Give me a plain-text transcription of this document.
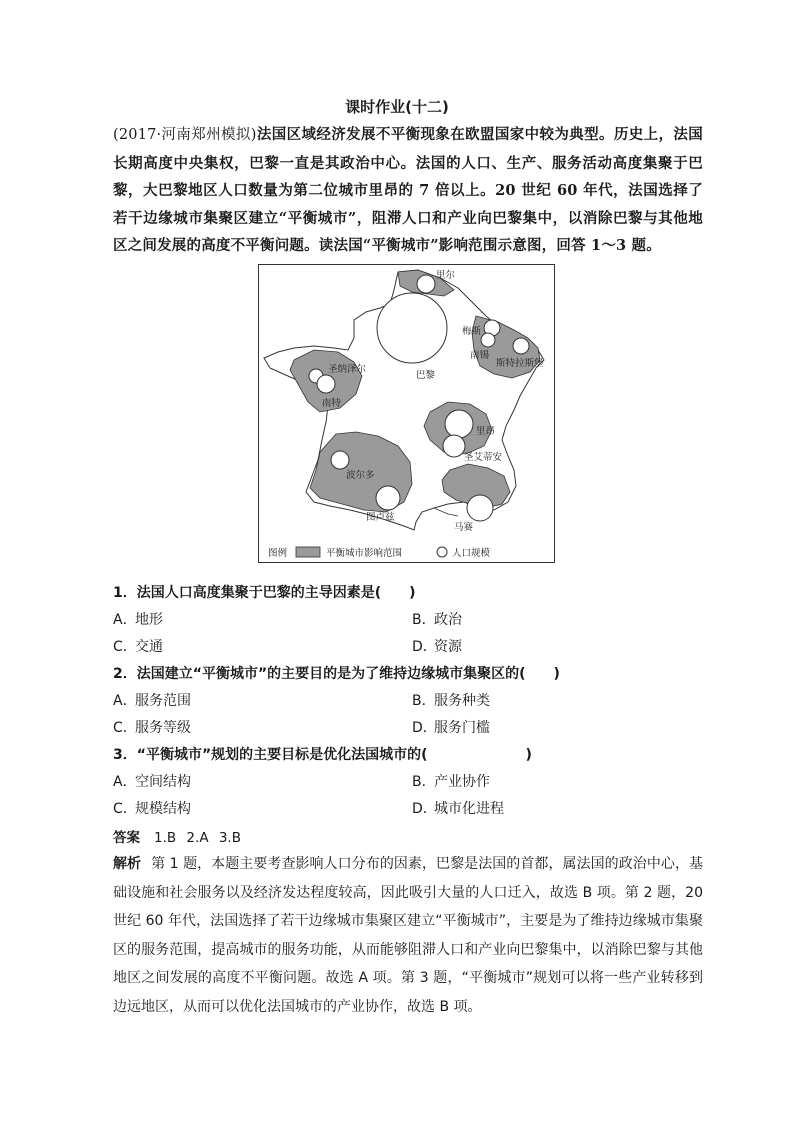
课时作业(十二)
(2017·河南郑州模拟)法国区域经济发展不平衡现象在欧盟国家中较为典型。历史上，法国长期高度中央集权，巴黎一直是其政治中心。法国的人口、生产、服务活动高度集聚于巴黎，大巴黎地区人口数量为第二位城市里昂的 7 倍以上。20 世纪 60 年代，法国选择了若干边缘城市集聚区建立“平衡城市”，阻滞人口和产业向巴黎集中，以消除巴黎与其他地区之间发展的高度不平衡问题。读法国“平衡城市”影响范围示意图，回答 1～3 题。
里尔
巴黎
梅斯
南锡
斯特拉斯堡
圣纳泽尔
南特
里昂
圣艾蒂安
波尔多
图卢兹
马赛
图例	平衡城市影响范围	人口规模
1．法国人口高度集聚于巴黎的主导因素是(　　)
A．地形	B．政治
C．交通	D．资源
2．法国建立“平衡城市”的主要目的是为了维持边缘城市集聚区的(　　)
A．服务范围	B．服务种类
C．服务等级	D．服务门槛
3．“平衡城市”规划的主要目标是优化法国城市的(　　　　　　　)
A．空间结构	B．产业协作
C．规模结构	D．城市化进程
答案 1.B 2.A 3.B
解析 第 1 题，本题主要考查影响人口分布的因素，巴黎是法国的首都，属法国的政治中心，基础设施和社会服务以及经济发达程度较高，因此吸引大量的人口迁入，故选 B 项。第 2 题，20 世纪 60 年代，法国选择了若干边缘城市集聚区建立“平衡城市”，主要是为了维持边缘城市集聚区的服务范围，提高城市的服务功能，从而能够阻滞人口和产业向巴黎集中，以消除巴黎与其他地区之间发展的高度不平衡问题。故选 A 项。第 3 题，“平衡城市”规划可以将一些产业转移到边远地区，从而可以优化法国城市的产业协作，故选 B 项。
